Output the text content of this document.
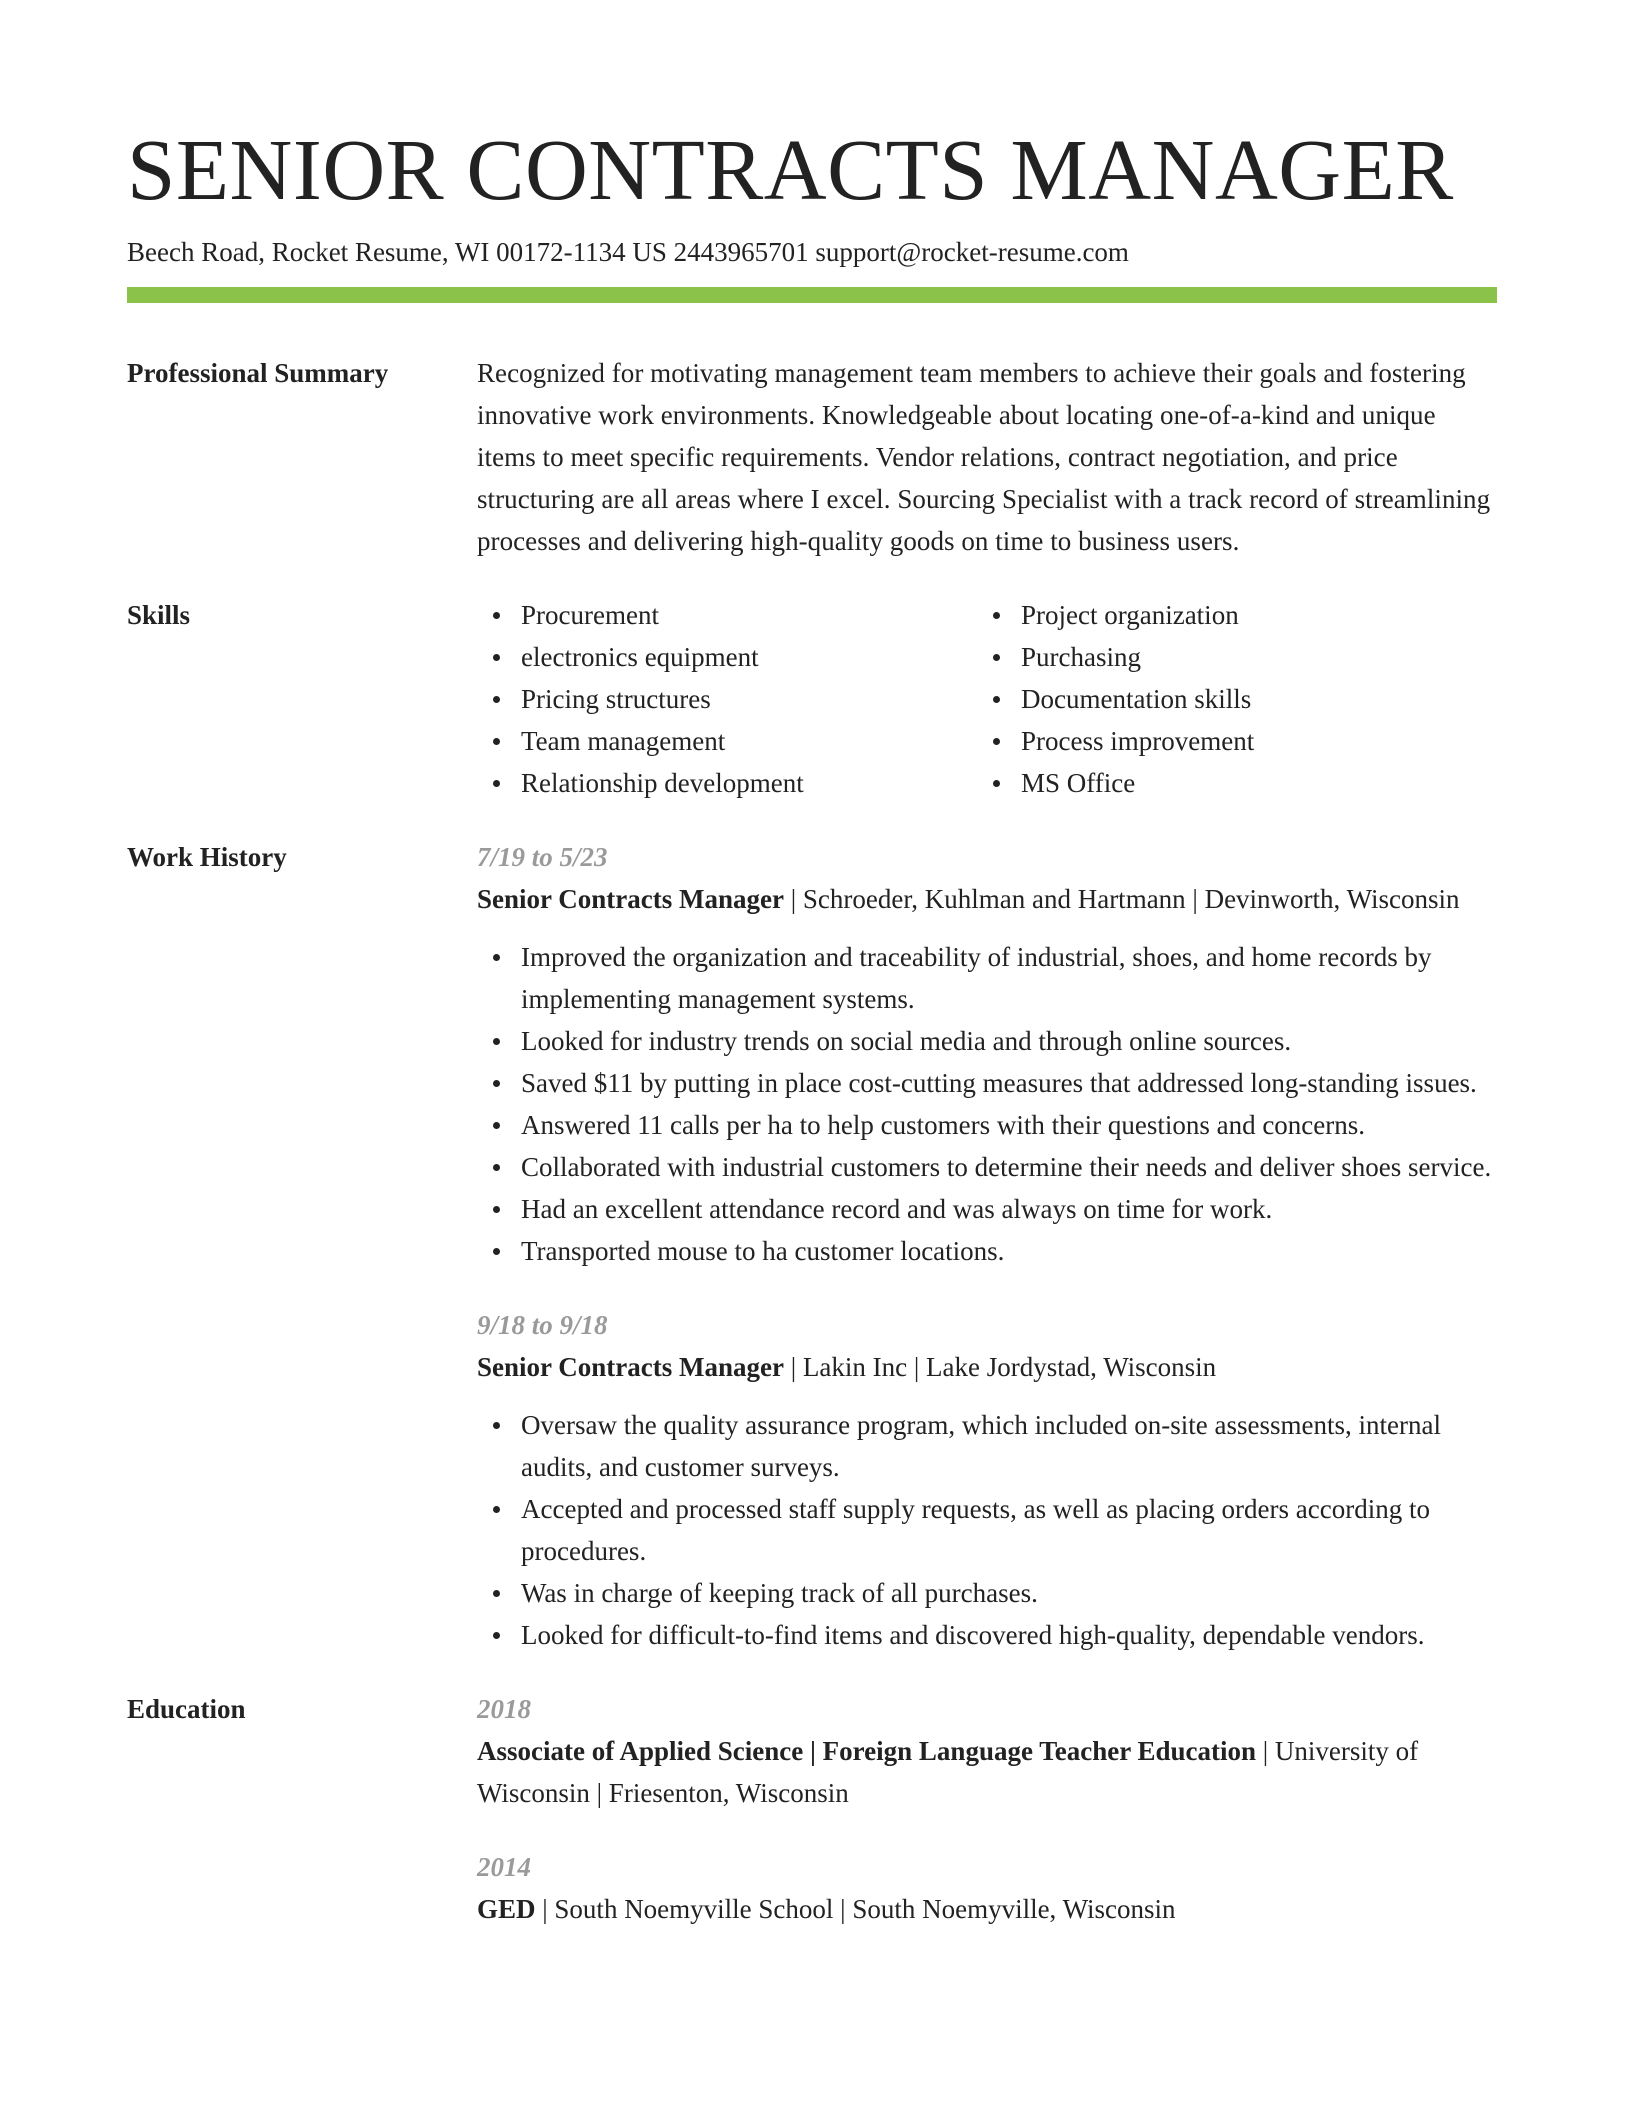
SENIOR CONTRACTS MANAGER
Beech Road, Rocket Resume, WI 00172-1134 US 2443965701 support@rocket-resume.com
Professional Summary	Recognized for motivating management team members to achieve their goals and fostering innovative work environments. Knowledgeable about locating one-of-a-kind and unique items to meet specific requirements. Vendor relations, contract negotiation, and price structuring are all areas where I excel. Sourcing Specialist with a track record of streamlining processes and delivering high-quality goods on time to business users.
Skills	Procurement
electronics equipment
Pricing structures
Team management
Relationship development
Project organization
Purchasing
Documentation skills
Process improvement
MS Office
Work History	7/19 to 5/23
Senior Contracts Manager | Schroeder, Kuhlman and Hartmann | Devinworth, Wisconsin
Improved the organization and traceability of industrial, shoes, and home records by implementing management systems.
Looked for industry trends on social media and through online sources.
Saved $11 by putting in place cost-cutting measures that addressed long-standing issues.
Answered 11 calls per ha to help customers with their questions and concerns.
Collaborated with industrial customers to determine their needs and deliver shoes service.
Had an excellent attendance record and was always on time for work.
Transported mouse to ha customer locations.
9/18 to 9/18
Senior Contracts Manager | Lakin Inc | Lake Jordystad, Wisconsin
Oversaw the quality assurance program, which included on-site assessments, internal audits, and customer surveys.
Accepted and processed staff supply requests, as well as placing orders according to procedures.
Was in charge of keeping track of all purchases.
Looked for difficult-to-find items and discovered high-quality, dependable vendors.
Education	2018
Associate of Applied Science | Foreign Language Teacher Education | University of Wisconsin | Friesenton, Wisconsin
2014
GED | South Noemyville School | South Noemyville, Wisconsin
